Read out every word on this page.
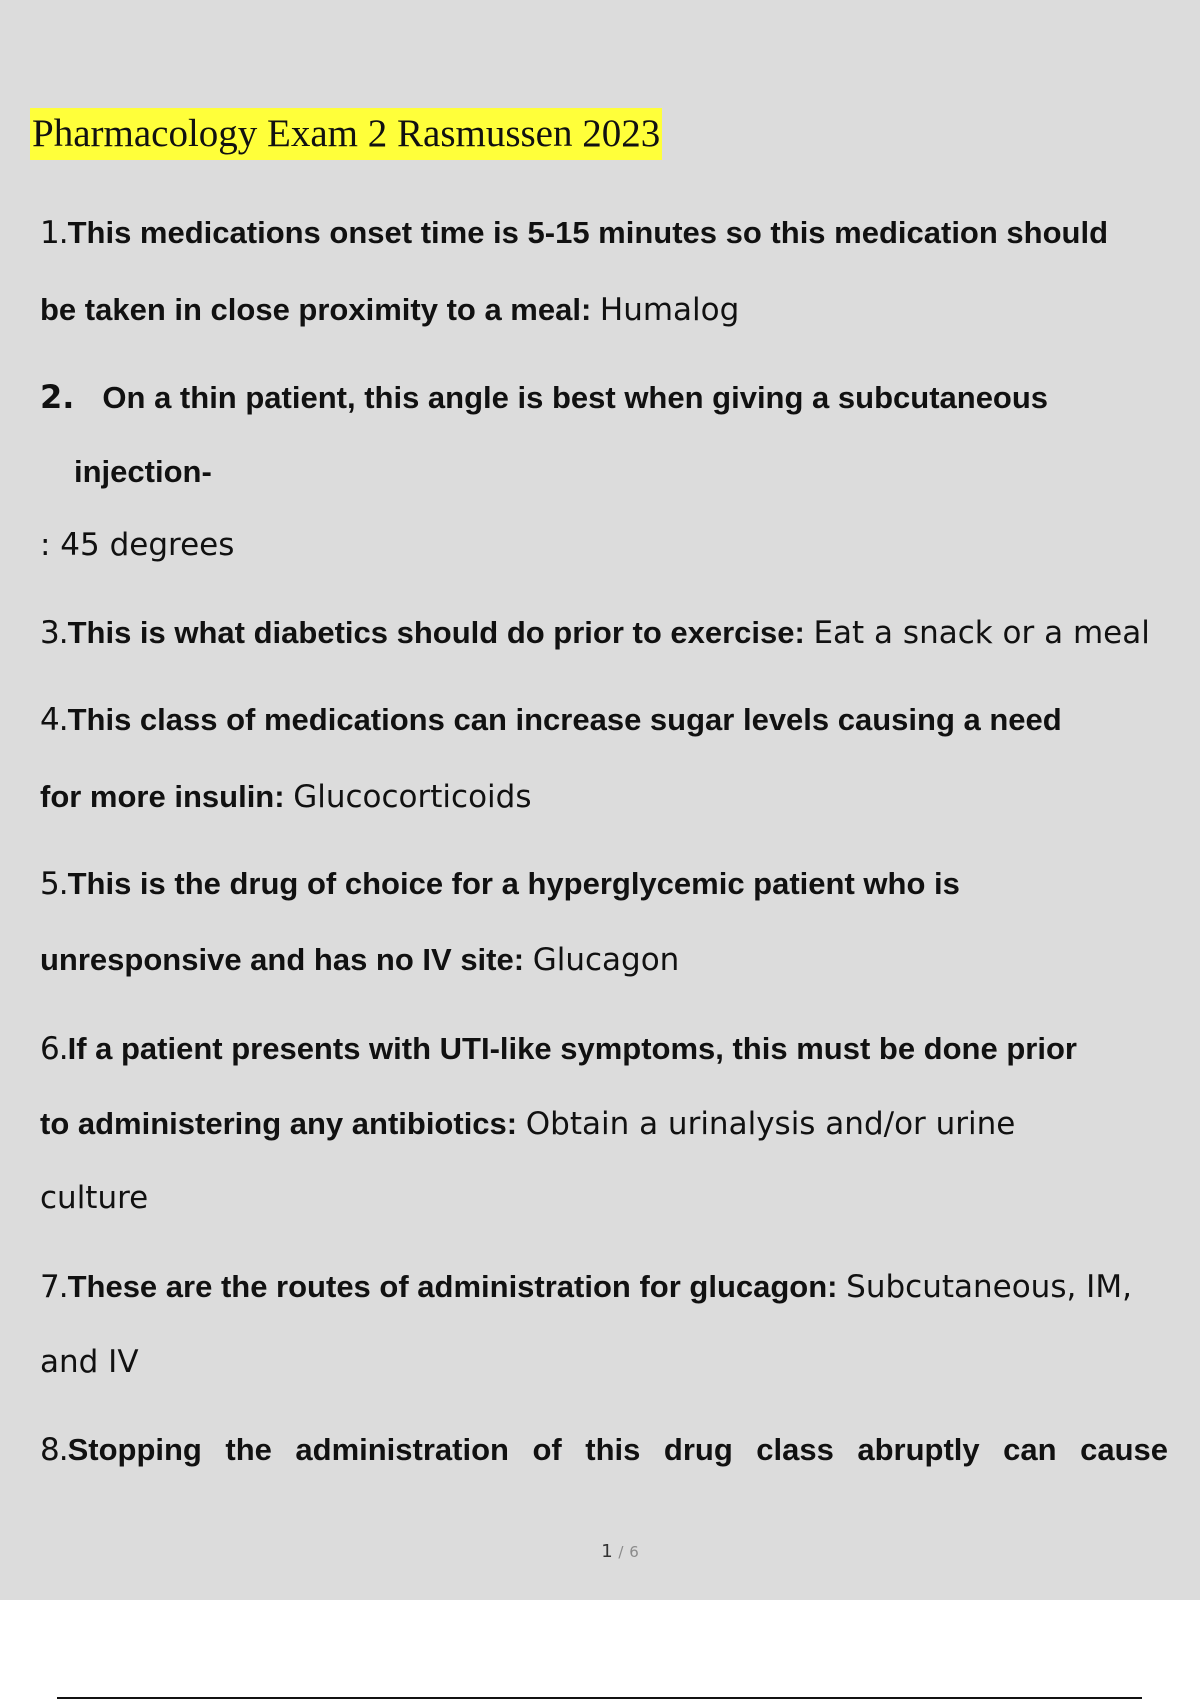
Pharmacology Exam 2 Rasmussen 2023
1.This medications onset time is 5-15 minutes so this medication should
be taken in close proximity to a meal: Humalog
2. On a thin patient, this angle is best when giving a subcutaneous
injection-
: 45 degrees
3.This is what diabetics should do prior to exercise: Eat a snack or a meal
4.This class of medications can increase sugar levels causing a need
for more insulin: Glucocorticoids
5.This is the drug of choice for a hyperglycemic patient who is
unresponsive and has no IV site: Glucagon
6.If a patient presents with UTI-like symptoms, this must be done prior
to administering any antibiotics: Obtain a urinalysis and/or urine
culture
7.These are the routes of administration for glucagon: Subcutaneous, IM,
and IV
8.Stopping the administration of this drug class abruptly can cause
1 / 6
